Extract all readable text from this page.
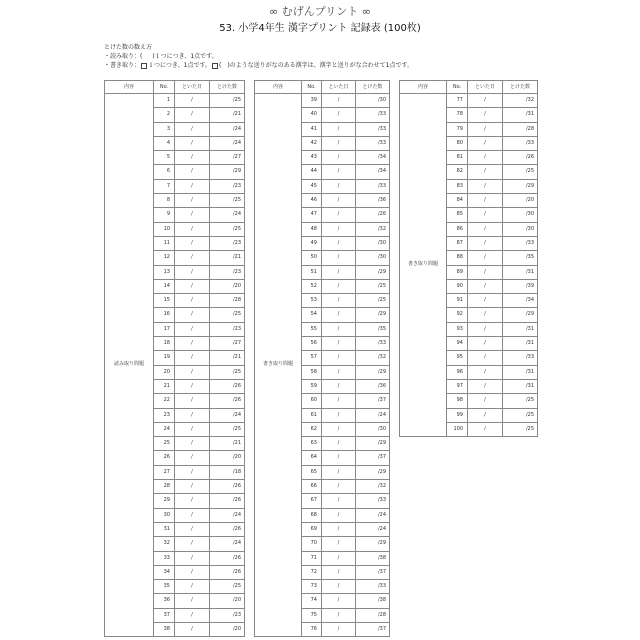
∞ むげんプリント ∞
53. 小学4年生 漢字プリント 記録表 (100枚)
とけた数の数え方
・読み取り：( )１つにつき、1点です。
・書き取り： １つにつき、1点です。 ( )のような送りがなのある漢字は、漢字と送りがな合わせて1点です。
内容	No.	といた日	とけた数
読み取り問題	1	/	/25
	2	/	/21
	3	/	/24
	4	/	/24
	5	/	/27
	6	/	/29
	7	/	/23
	8	/	/25
	9	/	/24
	10	/	/25
	11	/	/23
	12	/	/21
	13	/	/23
	14	/	/20
	15	/	/28
	16	/	/25
	17	/	/23
	18	/	/27
	19	/	/21
	20	/	/25
	21	/	/26
	22	/	/26
	23	/	/24
	24	/	/25
	25	/	/21
	26	/	/20
	27	/	/18
	28	/	/26
	29	/	/26
	30	/	/24
	31	/	/26
	32	/	/24
	33	/	/26
	34	/	/26
	35	/	/25
	36	/	/20
	37	/	/23
	38	/	/20
内容	No.	といた日	とけた数
書き取り問題	39	/	/30
	40	/	/33
	41	/	/33
	42	/	/33
	43	/	/34
	44	/	/34
	45	/	/33
	46	/	/36
	47	/	/26
	48	/	/32
	49	/	/30
	50	/	/30
	51	/	/29
	52	/	/25
	53	/	/25
	54	/	/29
	55	/	/35
	56	/	/33
	57	/	/32
	58	/	/29
	59	/	/36
	60	/	/37
	61	/	/24
	62	/	/30
	63	/	/29
	64	/	/37
	65	/	/29
	66	/	/32
	67	/	/33
	68	/	/24
	69	/	/24
	70	/	/29
	71	/	/38
	72	/	/37
	73	/	/33
	74	/	/38
	75	/	/28
	76	/	/37
内容	No.	といた日	とけた数
書き取り問題	77	/	/32
	78	/	/31
	79	/	/28
	80	/	/33
	81	/	/26
	82	/	/25
	83	/	/29
	84	/	/20
	85	/	/30
	86	/	/30
	87	/	/33
	88	/	/35
	89	/	/31
	90	/	/39
	91	/	/34
	92	/	/29
	93	/	/31
	94	/	/31
	95	/	/33
	96	/	/31
	97	/	/31
	98	/	/25
	99	/	/25
	100	/	/25
